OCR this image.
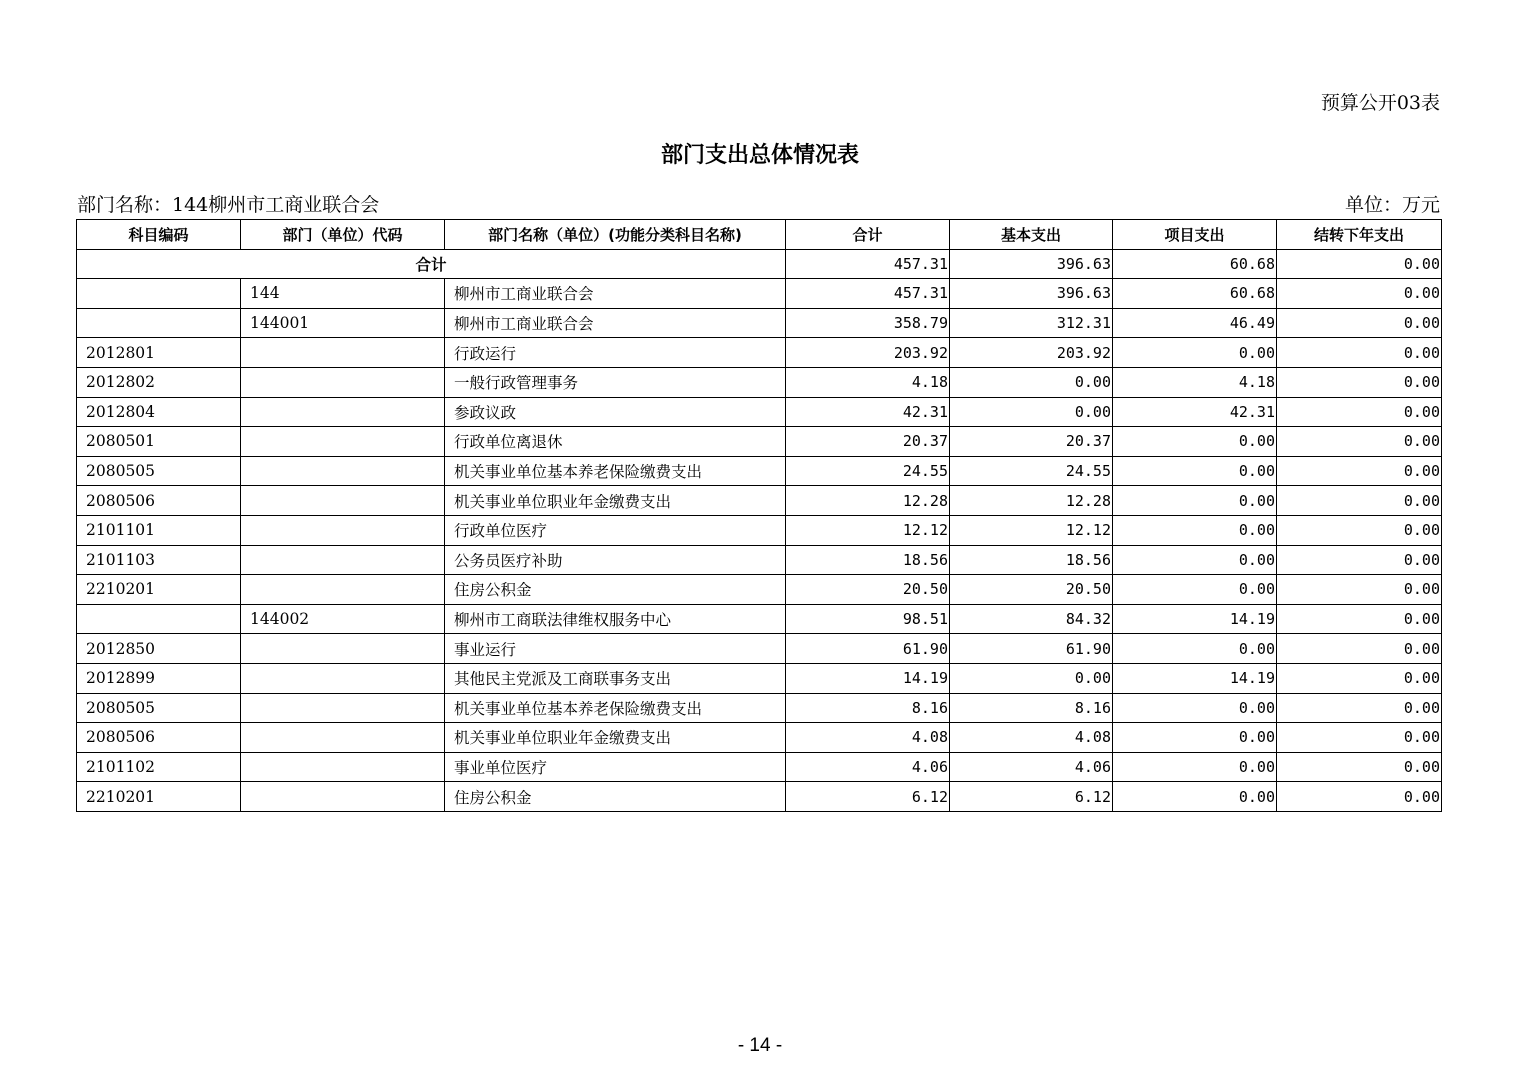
预算公开03表
部门支出总体情况表
部门名称：144柳州市工商业联合会	单位：万元
科目编码	部门（单位）代码	部门名称（单位）(功能分类科目名称)	合计	基本支出	项目支出	结转下年支出
合计			457.31	396.63	60.68	0.00
	144	柳州市工商业联合会	457.31	396.63	60.68	0.00
	144001	柳州市工商业联合会	358.79	312.31	46.49	0.00
2012801		行政运行	203.92	203.92	0.00	0.00
2012802		一般行政管理事务	4.18	0.00	4.18	0.00
2012804		参政议政	42.31	0.00	42.31	0.00
2080501		行政单位离退休	20.37	20.37	0.00	0.00
2080505		机关事业单位基本养老保险缴费支出	24.55	24.55	0.00	0.00
2080506		机关事业单位职业年金缴费支出	12.28	12.28	0.00	0.00
2101101		行政单位医疗	12.12	12.12	0.00	0.00
2101103		公务员医疗补助	18.56	18.56	0.00	0.00
2210201		住房公积金	20.50	20.50	0.00	0.00
	144002	柳州市工商联法律维权服务中心	98.51	84.32	14.19	0.00
2012850		事业运行	61.90	61.90	0.00	0.00
2012899		其他民主党派及工商联事务支出	14.19	0.00	14.19	0.00
2080505		机关事业单位基本养老保险缴费支出	8.16	8.16	0.00	0.00
2080506		机关事业单位职业年金缴费支出	4.08	4.08	0.00	0.00
2101102		事业单位医疗	4.06	4.06	0.00	0.00
2210201		住房公积金	6.12	6.12	0.00	0.00
- 14 -
